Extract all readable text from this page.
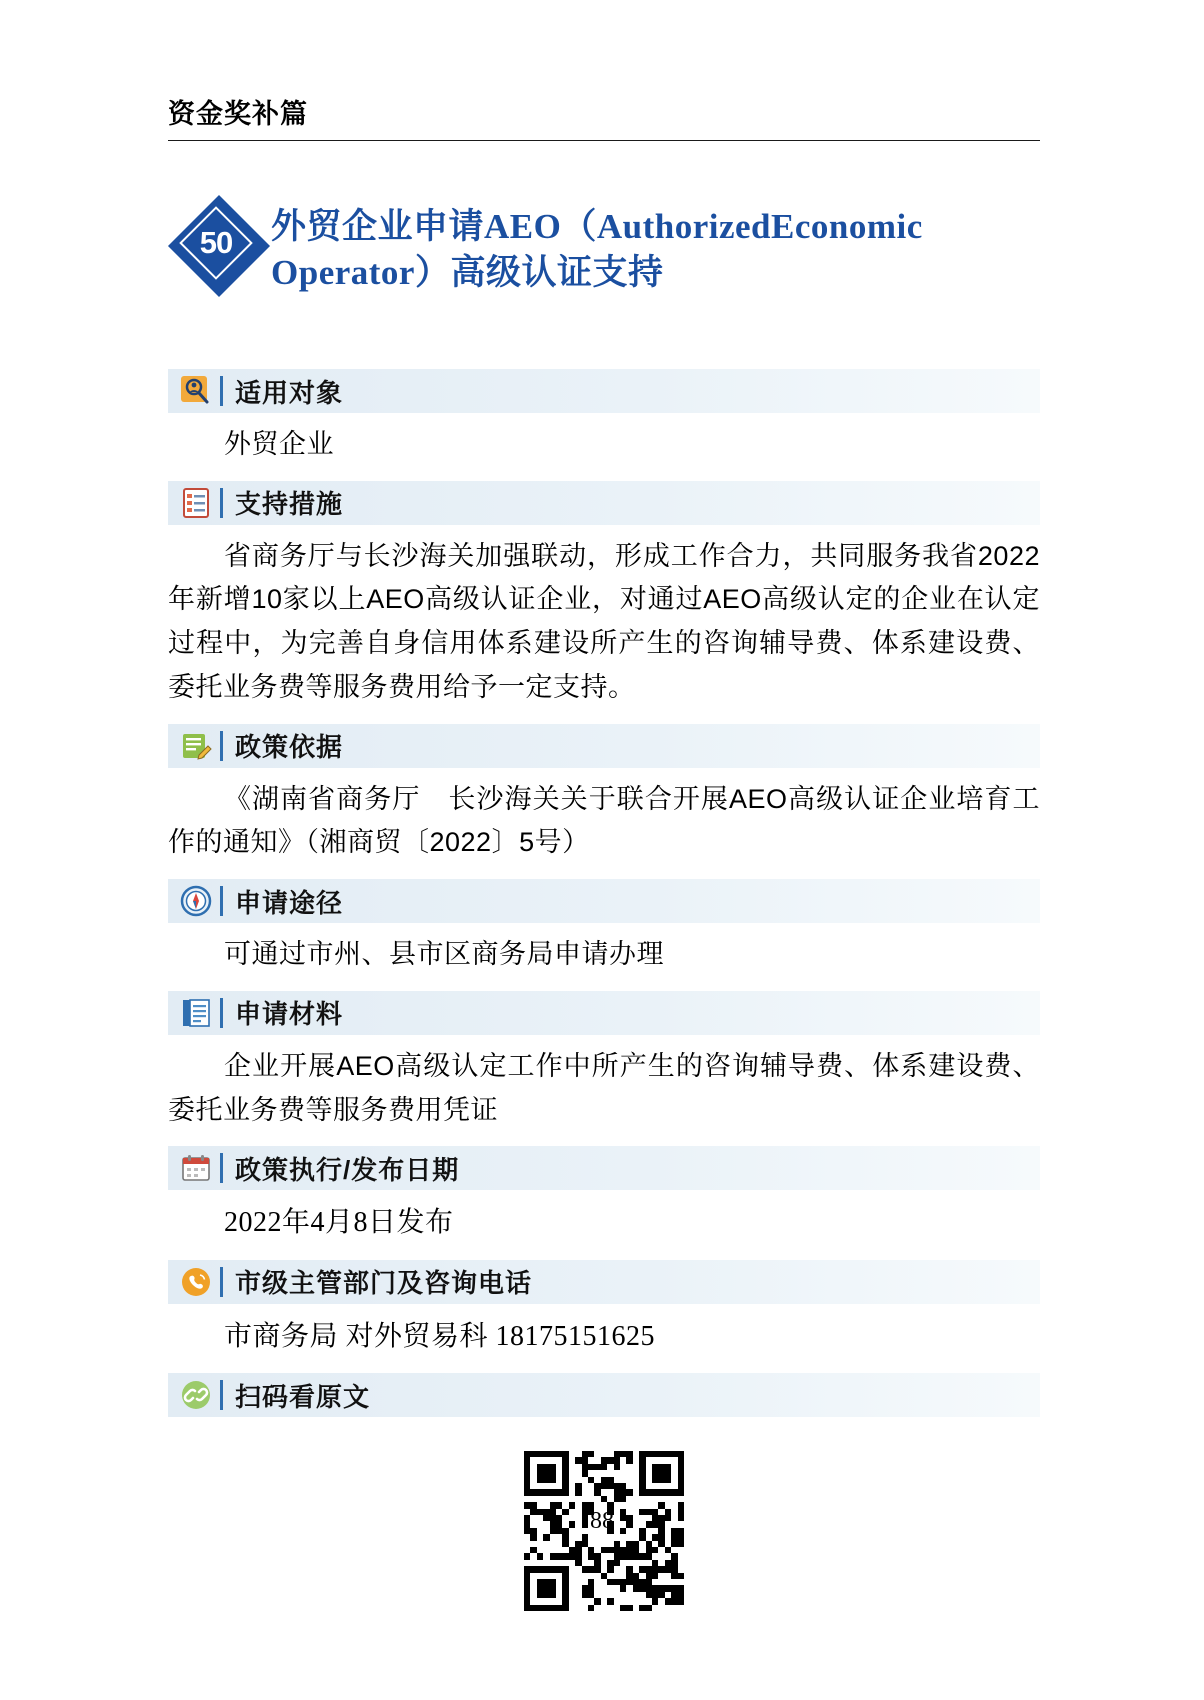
资金奖补篇
50	外贸企业申请AEO（AuthorizedEconomic Operator）高级认证支持
适用对象

外贸企业

支持措施

省商务厅与长沙海关加强联动，形成工作合力，共同服务我省2022年新增10家以上AEO高级认证企业，对通过AEO高级认定的企业在认定过程中，为完善自身信用体系建设所产生的咨询辅导费、体系建设费、委托业务费等服务费用给予一定支持。

政策依据

《湖南省商务厅　长沙海关关于联合开展AEO高级认证企业培育工作的通知》（湘商贸〔2022〕5号）

申请途径

可通过市州、县市区商务局申请办理

申请材料

企业开展AEO高级认定工作中所产生的咨询辅导费、体系建设费、委托业务费等服务费用凭证

政策执行/发布日期

2022年4月8日发布

市级主管部门及咨询电话

市商务局 对外贸易科 18175151625

扫码看原文
88
